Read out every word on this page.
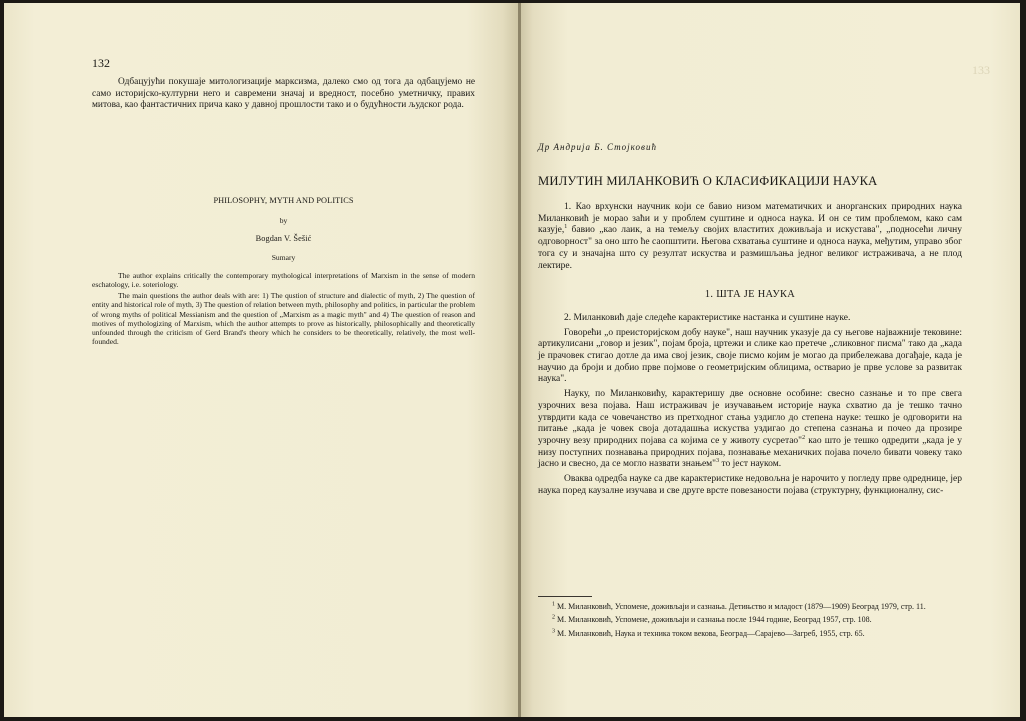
132

Одбацујући покушаје митологизације марксизма, далеко смо од тога да одбацујемо не само историјско-културни него и савремени значај и вредност, посебно уметничку, правих митова, као фантастичних прича како у давној прошлости тако и о будућности људског рода.

PHILOSOPHY, MYTH AND POLITICS

by

Bogdan V. Šešić

Sumary

The author explains critically the contemporary mythological interpretations of Marxism in the sense of modern eschatology, i.e. soteriology.

The main questions the author deals with are: 1) The qustion of structure and dialectic of myth, 2) The question of entity and historical role of myth, 3) The question of relation between myth, philosophy and politics, in particular the problem of wrong myths of political Messianism and the question of „Marxism as a magic myth" and 4) The question of reason and motives of mythologizing of Marxism, which the author attempts to prove as historically, philosophically and theoretically unfounded through the criticism of Gerd Brand's theory which he considers to be theoretically, relatively, the most well-founded.

133
Др Андрија Б. Стојковић
МИЛУТИН МИЛАНКОВИЋ О КЛАСИФИКАЦИЈИ НАУКА

1. Као врхунски научник који се бавио низом математичких и анорганских природних наука Миланковић је морао заћи и у проблем суштине и односа наука. И он се тим проблемом, како сам казује,$^1$ бавио „као лаик, а на темељу својих властитих доживљаја и искустава", „подносећи личну одговорност" за оно што ће саопштити. Његова схватања суштине и односа наука, међутим, управо због тога су и значајна што су резултат искуства и размишљања једног великог истраживача, а не плод лектире.

1. ШТА ЈЕ НАУКА

2. Миланковић даје следеће карактеристике настанка и суштине науке.

Говорећи „о преисторијском добу науке", наш научник указује да су његове најважније тековине: артикулисани „говор и језик", појам броја, цртежи и слике као претече „сликовног писма" тако да „када је прачовек стигао дотле да има свој језик, своје писмо којим је могао да прибележава догађаје, када је научио да броји и добио прве појмове о геометријским облицима, остварио је прве услове за развитак наука".

Науку, по Миланковићу, карактеришу две основне особине: свесно сазнање и то пре свега узрочних веза појава. Наш истраживач је изучавањем историје наука схватио да је тешко тачно утврдити када се човечанство из претходног стања уздигло до степена науке: тешко је одговорити на питање „када је човек своја дотадашња искуства уздигао до степена сазнања и почео да прозире узрочну везу природних појава са којима се у животу сусретао"$^2$ као што је тешко одредити „када је у низу поступних познавања природних појава, познавање механичких појава почело бивати човеку тако јасно и свесно, да се могло назвати знањем"$^3$ то јест науком.

Оваква одредба науке са две карактеристике недовољна је нарочито у погледу прве одреднице, јер наука поред каузалне изучава и све друге врсте повезаности појава (структурну, функционалну, сис-

$^1$ М. Миланковић, Успомене, доживљаји и сазнања. Детињство и младост (1879—1909) Београд 1979, стр. 11.

$^2$ М. Миланковић, Успомене, доживљаји и сазнања после 1944 године, Београд 1957, стр. 108.

$^3$ М. Миланковић, Наука и техника током векова, Београд—Сарајево—Загреб, 1955, стр. 65.
